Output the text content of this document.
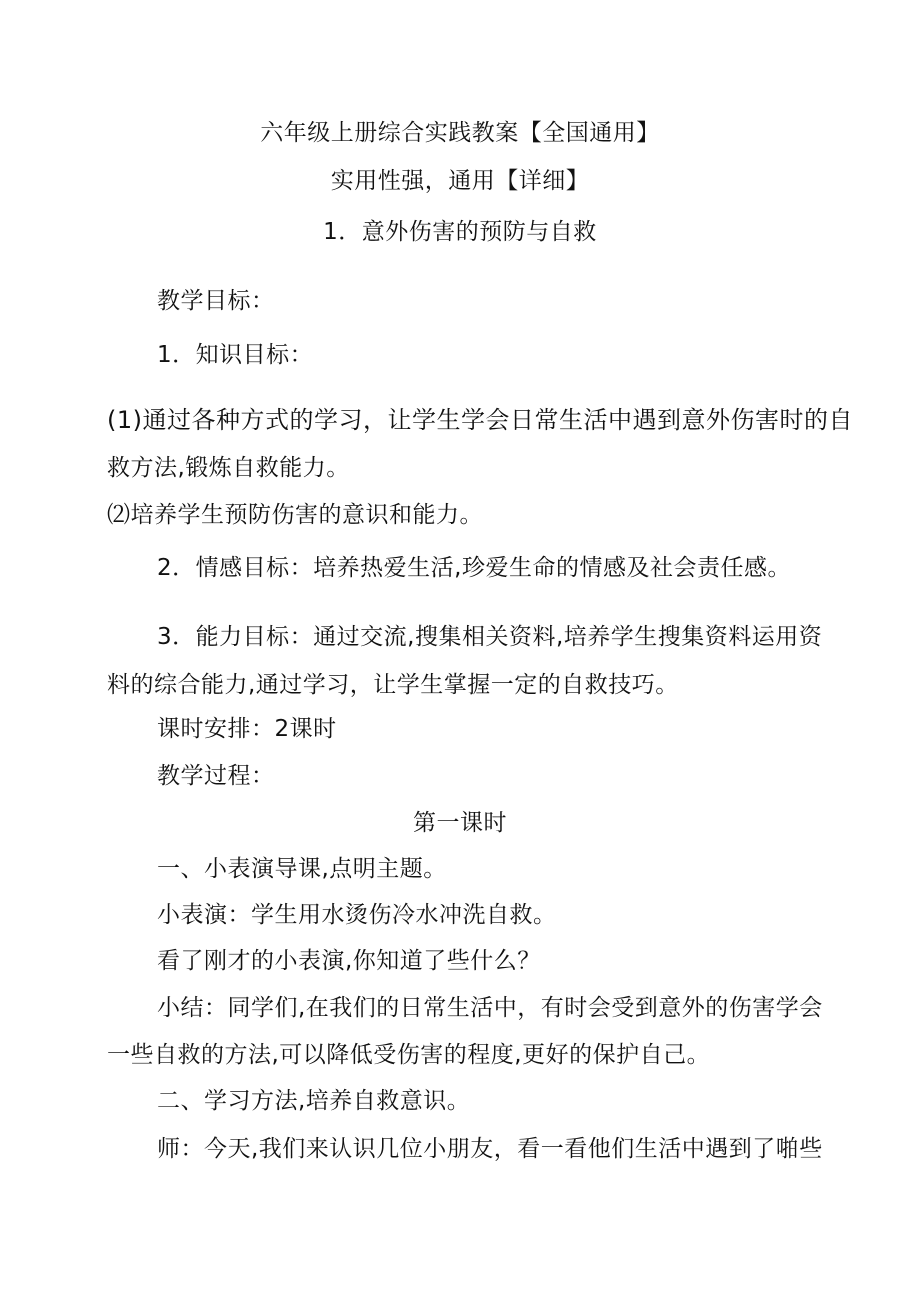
六年级上册综合实践教案【全国通用】
实用性强，通用【详细】
1．意外伤害的预防与自救
教学目标：
1．知识目标：
(1)通过各种方式的学习，让学生学会日常生活中遇到意外伤害时的自
救方法,锻炼自救能力。
⑵培养学生预防伤害的意识和能力。
2．情感目标：培养热爱生活,珍爱生命的情感及社会责任感。
3．能力目标：通过交流,搜集相关资料,培养学生搜集资料运用资
料的综合能力,通过学习，让学生掌握一定的自救技巧。
课时安排：2课时
教学过程：
第一课时
一、小表演导课,点明主题。
小表演：学生用水烫伤冷水冲洗自救。
看了刚才的小表演,你知道了些什么？
小结：同学们,在我们的日常生活中，有时会受到意外的伤害学会
一些自救的方法,可以降低受伤害的程度,更好的保护自己。
二、学习方法,培养自救意识。
师：今天,我们来认识几位小朋友，看一看他们生活中遇到了啪些
